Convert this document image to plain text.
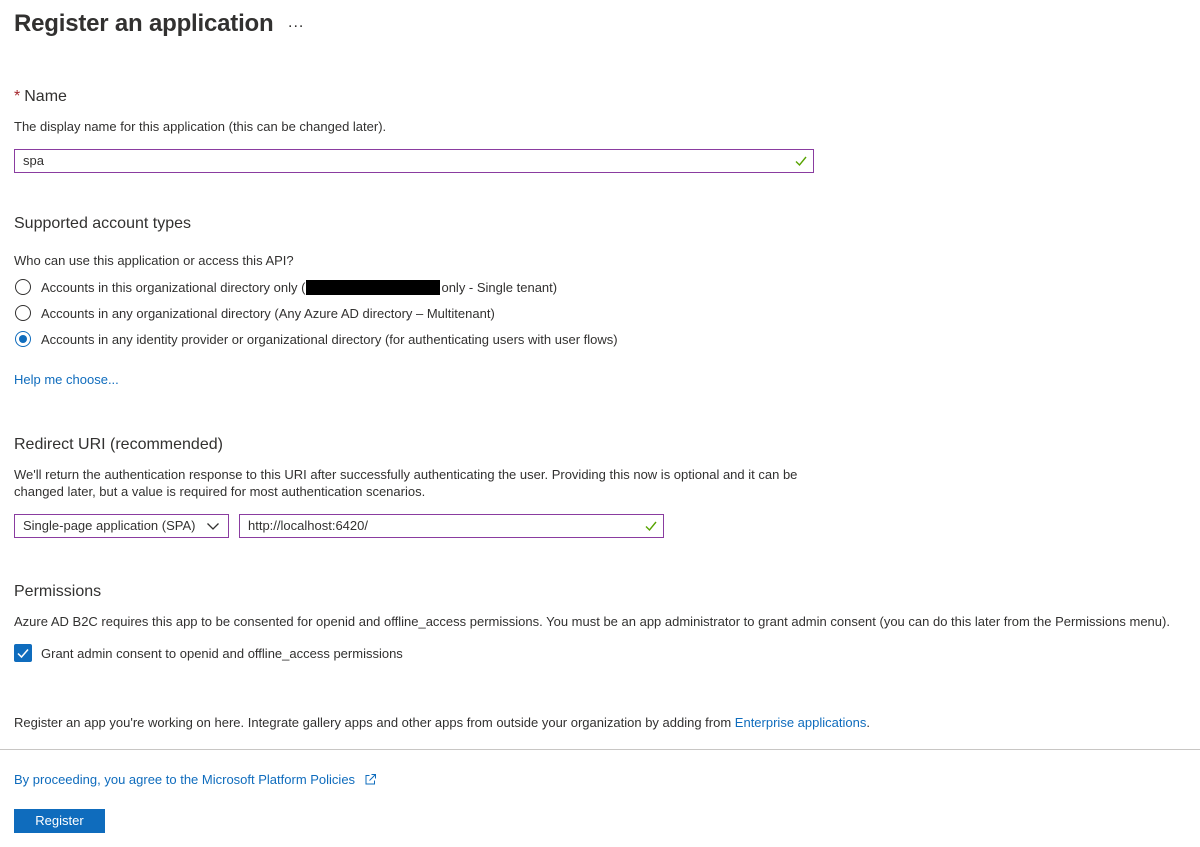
Register an application ...
* Name
The display name for this application (this can be changed later).
spa
Supported account types
Who can use this application or access this API?
Accounts in this organizational directory only (	only - Single tenant)
Accounts in any organizational directory (Any Azure AD directory – Multitenant)
Accounts in any identity provider or organizational directory (for authenticating users with user flows)
Help me choose...
Redirect URI (recommended)
We'll return the authentication response to this URI after successfully authenticating the user. Providing this now is optional and it can be
changed later, but a value is required for most authentication scenarios.
Single-page application (SPA)	http://localhost:6420/
Permissions
Azure AD B2C requires this app to be consented for openid and offline_access permissions. You must be an app administrator to grant admin consent (you can do this later from the Permissions menu).
Grant admin consent to openid and offline_access permissions
Register an app you're working on here. Integrate gallery apps and other apps from outside your organization by adding from Enterprise applications.
By proceeding, you agree to the Microsoft Platform Policies
Register
